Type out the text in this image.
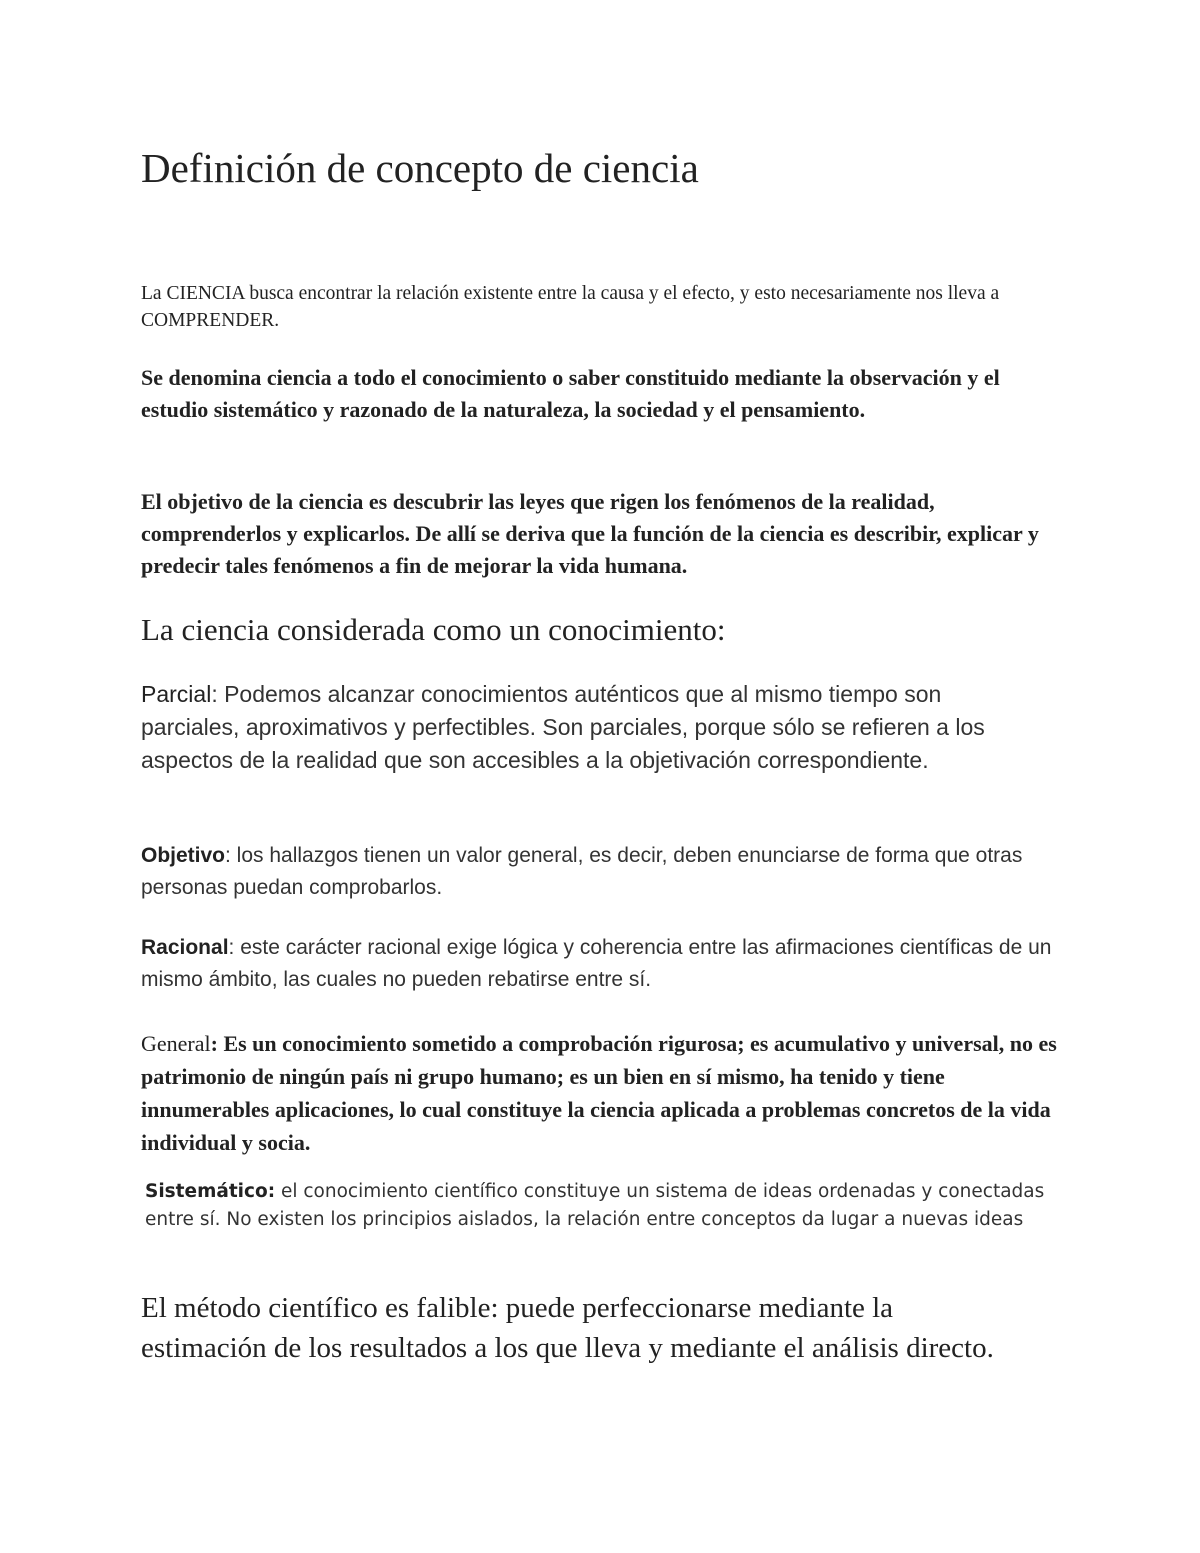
Definición de concepto de ciencia

La CIENCIA busca encontrar la relación existente entre la causa y el efecto, y esto necesariamente nos lleva a COMPRENDER.

Se denomina ciencia a todo el conocimiento o saber constituido mediante la observación y el estudio sistemático y razonado de la naturaleza, la sociedad y el pensamiento.

El objetivo de la ciencia es descubrir las leyes que rigen los fenómenos de la realidad, comprenderlos y explicarlos. De allí se deriva que la función de la ciencia es describir, explicar y predecir tales fenómenos a fin de mejorar la vida humana.

La ciencia considerada como un conocimiento:

Parcial: Podemos alcanzar conocimientos auténticos que al mismo tiempo son parciales, aproximativos y perfectibles. Son parciales, porque sólo se refieren a los aspectos de la realidad que son accesibles a la objetivación correspondiente.

Objetivo: los hallazgos tienen un valor general, es decir, deben enunciarse de forma que otras personas puedan comprobarlos.

Racional: este carácter racional exige lógica y coherencia entre las afirmaciones científicas de un mismo ámbito, las cuales no pueden rebatirse entre sí.

General: Es un conocimiento sometido a comprobación rigurosa; es acumulativo y universal, no es patrimonio de ningún país ni grupo humano; es un bien en sí mismo, ha tenido y tiene innumerables aplicaciones, lo cual constituye la ciencia aplicada a problemas concretos de la vida individual y socia.

Sistemático: el conocimiento científico constituye un sistema de ideas ordenadas y conectadas entre sí. No existen los principios aislados, la relación entre conceptos da lugar a nuevas ideas

El método científico es falible: puede perfeccionarse mediante la estimación de los resultados a los que lleva y mediante el análisis directo.
